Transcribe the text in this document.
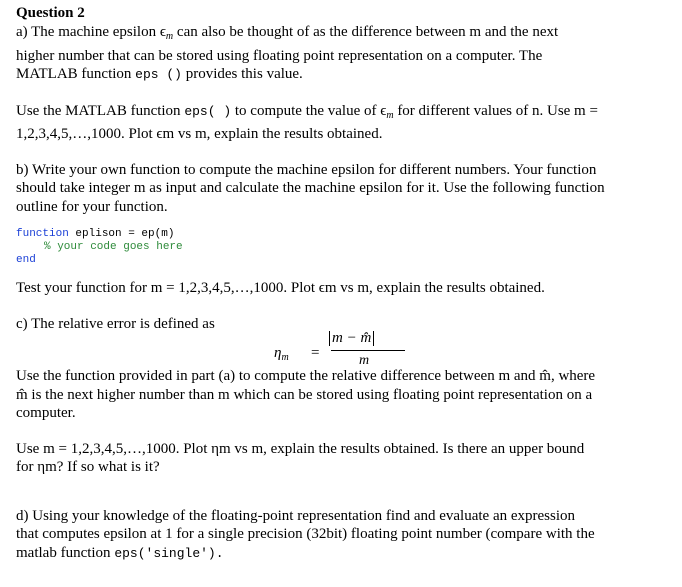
Question 2

a) The machine epsilon $\epsilon_m$ can also be thought of as the difference between m and the next
higher number that can be stored using floating point representation on a computer. The
MATLAB function eps () provides this value.

Use the MATLAB function eps( ) to compute the value of $\epsilon_m$ for different values of n. Use m =
1,2,3,4,5,…,1000. Plot ϵm vs m, explain the results obtained.

b) Write your own function to compute the machine epsilon for different numbers. Your function
should take integer m as input and calculate the machine epsilon for it. Use the following function
outline for your function.

function eplison = ep(m)
% your code goes here
end

Test your function for m = 1,2,3,4,5,…,1000. Plot ϵm vs m, explain the results obtained.

c) The relative error is defined as

$\eta_m$ =
m − m̂
m

Use the function provided in part (a) to compute the relative difference between m and m̂, where
m̂ is the next higher number than m which can be stored using floating point representation on a
computer.

Use m = 1,2,3,4,5,…,1000. Plot ηm vs m, explain the results obtained. Is there an upper bound
for ηm? If so what is it?

d) Using your knowledge of the floating-point representation find and evaluate an expression
that computes epsilon at 1 for a single precision (32bit) floating point number (compare with the
matlab function eps('single').
